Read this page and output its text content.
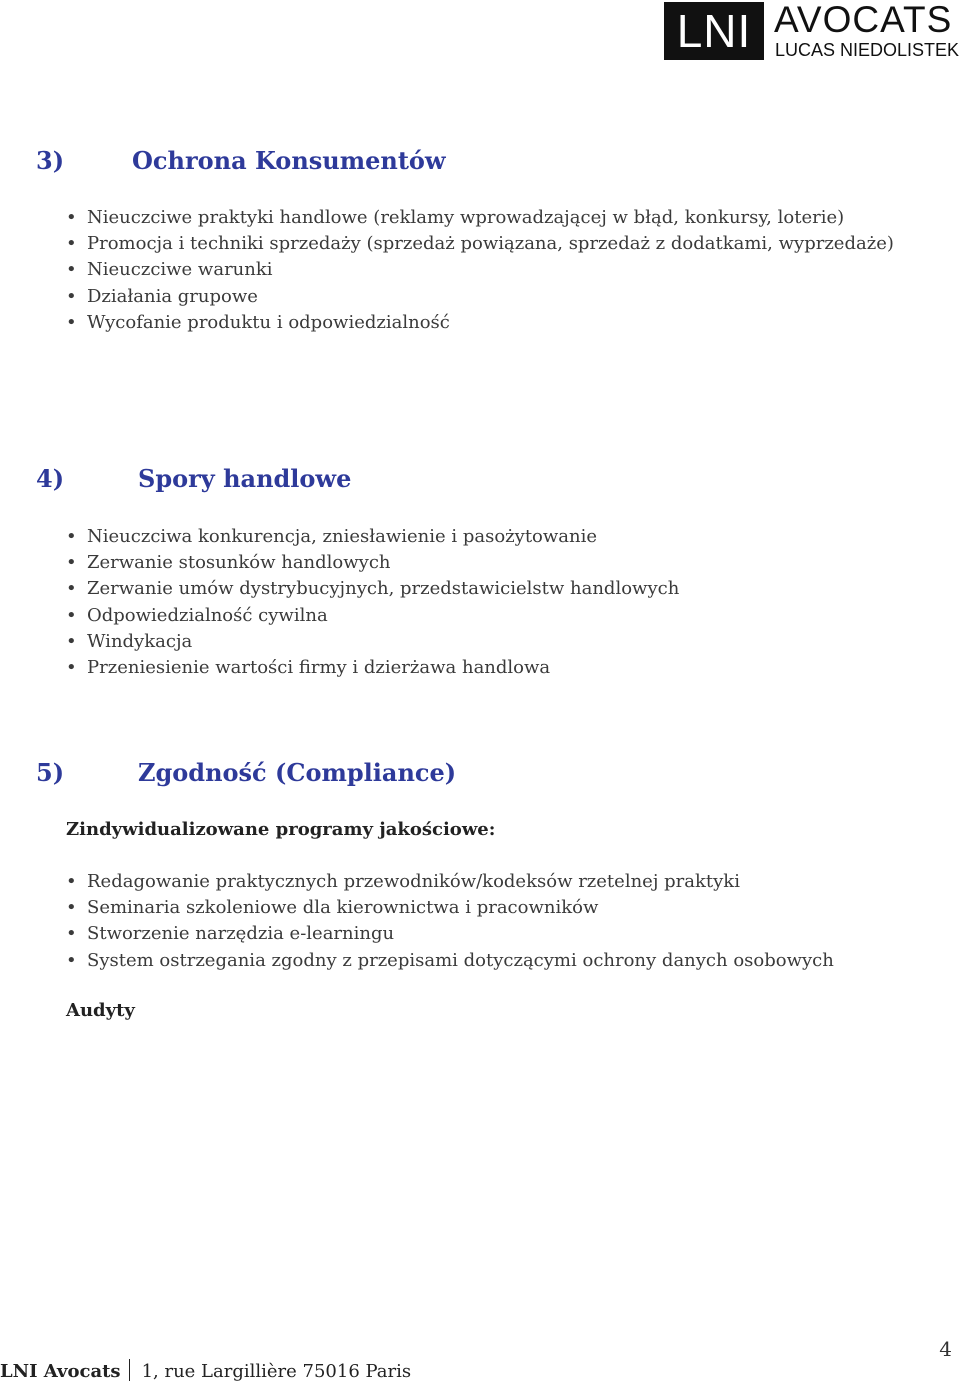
LNI AVOCATS
LUCAS NIEDOLISTEK
3)	Ochrona Konsumentów
• Nieuczciwe praktyki handlowe (reklamy wprowadzającej w błąd, konkursy, loterie)
• Promocja i techniki sprzedaży (sprzedaż powiązana, sprzedaż z dodatkami, wyprzedaże)
• Nieuczciwe warunki
• Działania grupowe
• Wycofanie produktu i odpowiedzialność
4)	Spory handlowe
• Nieuczciwa konkurencja, zniesławienie i pasożytowanie
• Zerwanie stosunków handlowych
• Zerwanie umów dystrybucyjnych, przedstawicielstw handlowych
• Odpowiedzialność cywilna
• Windykacja
• Przeniesienie wartości firmy i dzierżawa handlowa
5)	Zgodność (Compliance)

Zindywidualizowane programy jakościowe:

• Redagowanie praktycznych przewodników/kodeksów rzetelnej praktyki
• Seminaria szkoleniowe dla kierownictwa i pracowników
• Stworzenie narzędzia e-learningu
• System ostrzegania zgodny z przepisami dotyczącymi ochrony danych osobowych

Audyty

LNI Avocats 1, rue Largillière 75016 Paris
4
